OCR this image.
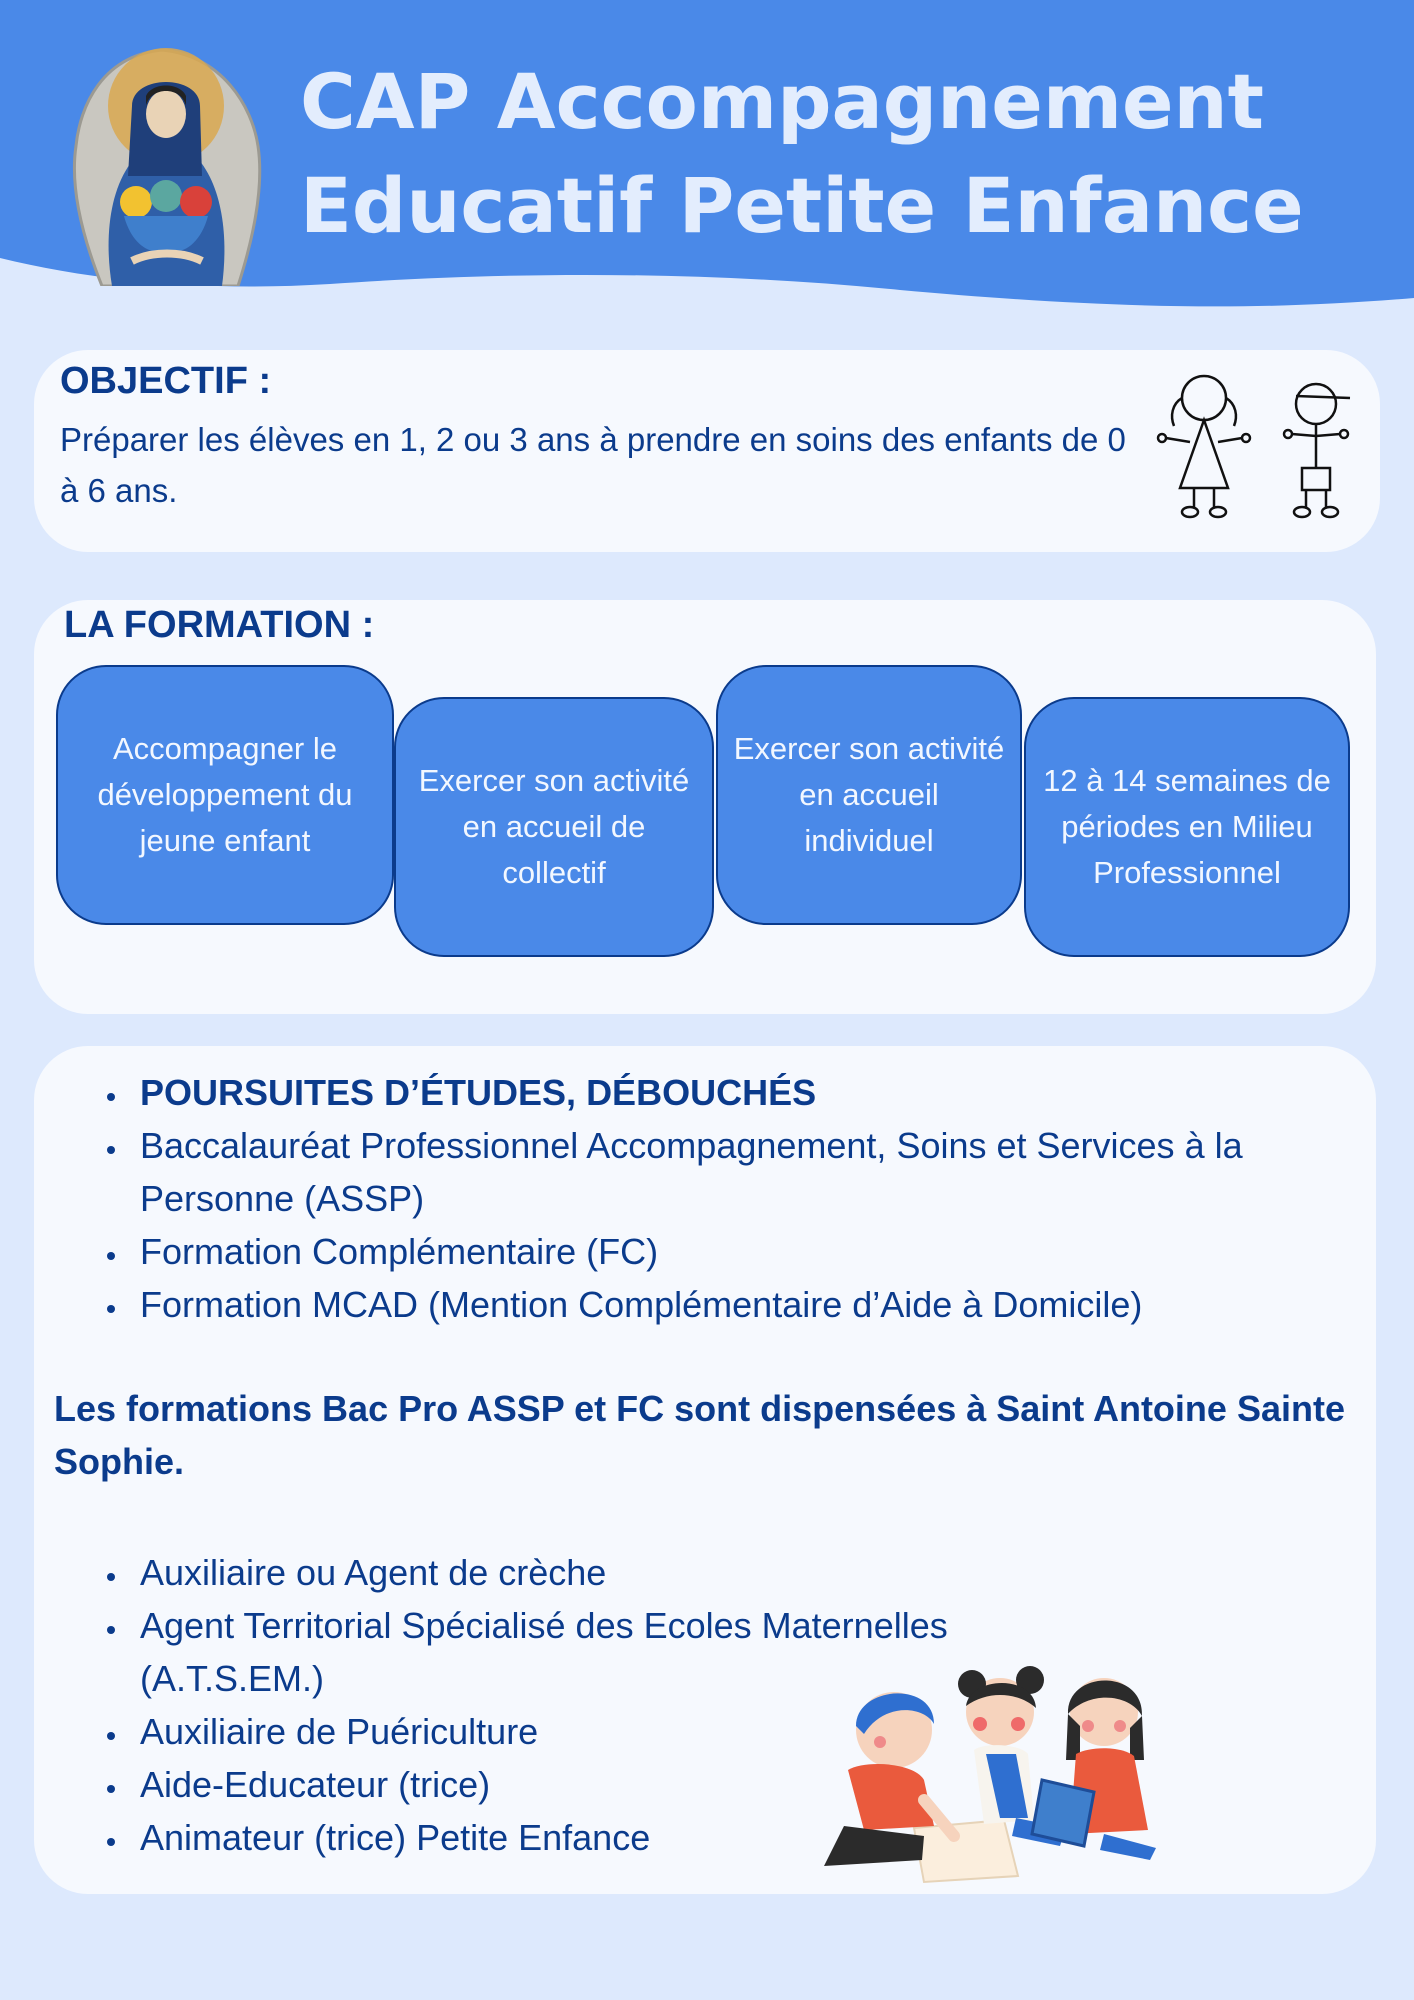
CAP Accompagnement
Educatif Petite Enfance
OBJECTIF :

Préparer les élèves en 1, 2 ou 3 ans à prendre en soins des enfants de 0 à 6 ans.

LA FORMATION :
Accompagner le développement du jeune enfant
Exercer son activité en accueil de collectif
Exercer son activité en accueil individuel
12 à 14 semaines de périodes en Milieu Professionnel
• POURSUITES D’ÉTUDES, DÉBOUCHÉS
• Baccalauréat Professionnel Accompagnement, Soins et Services à la Personne (ASSP)
• Formation Complémentaire (FC)
• Formation MCAD (Mention Complémentaire d’Aide à Domicile)

Les formations Bac Pro ASSP et FC sont dispensées à Saint Antoine Sainte Sophie.

• Auxiliaire ou Agent de crèche
• Agent Territorial Spécialisé des Ecoles Maternelles (A.T.S.EM.)
• Auxiliaire de Puériculture
• Aide-Educateur (trice)
• Animateur (trice) Petite Enfance
